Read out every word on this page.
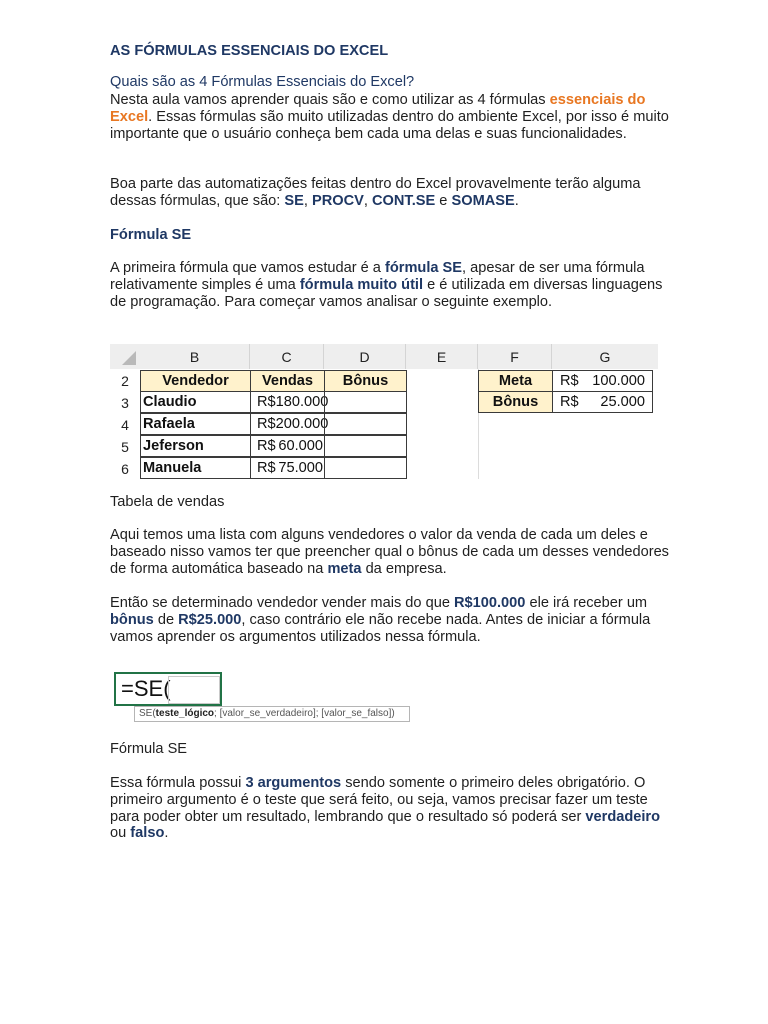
AS FÓRMULAS ESSENCIAIS DO EXCEL
Quais são as 4 Fórmulas Essenciais do Excel?

Nesta aula vamos aprender quais são e como utilizar as 4 fórmulas essenciais do Excel. Essas fórmulas são muito utilizadas dentro do ambiente Excel, por isso é muito importante que o usuário conheça bem cada uma delas e suas funcionalidades.

Boa parte das automatizações feitas dentro do Excel provavelmente terão alguma dessas fórmulas, que são: SE, PROCV, CONT.SE e SOMASE.

Fórmula SE

A primeira fórmula que vamos estudar é a fórmula SE, apesar de ser uma fórmula relativamente simples é uma fórmula muito útil e é utilizada em diversas linguagens de programação. Para começar vamos analisar o seguinte exemplo.

Tabela de vendas

Aqui temos uma lista com alguns vendedores o valor da venda de cada um deles e baseado nisso vamos ter que preencher qual o bônus de cada um desses vendedores de forma automática baseado na meta da empresa.

Então se determinado vendedor vender mais do que R$100.000 ele irá receber um bônus de R$25.000, caso contrário ele não recebe nada. Antes de iniciar a fórmula vamos aprender os argumentos utilizados nessa fórmula.

Fórmula SE

Essa fórmula possui 3 argumentos sendo somente o primeiro deles obrigatório. O primeiro argumento é o teste que será feito, ou seja, vamos precisar fazer um teste para poder obter um resultado, lembrando que o resultado só poderá ser verdadeiro ou falso.

B	C	D	E	F	G
2
3
4
5
6
Vendedor	Vendas	Bônus
Claudio	R$ 180.000
Rafaela	R$ 200.000
Jeferson	R$ 60.000
Manuela	R$ 75.000
Meta	R$ 100.000
Bônus	R$ 25.000
=SE(
SE(teste_lógico; [valor_se_verdadeiro]; [valor_se_falso])
